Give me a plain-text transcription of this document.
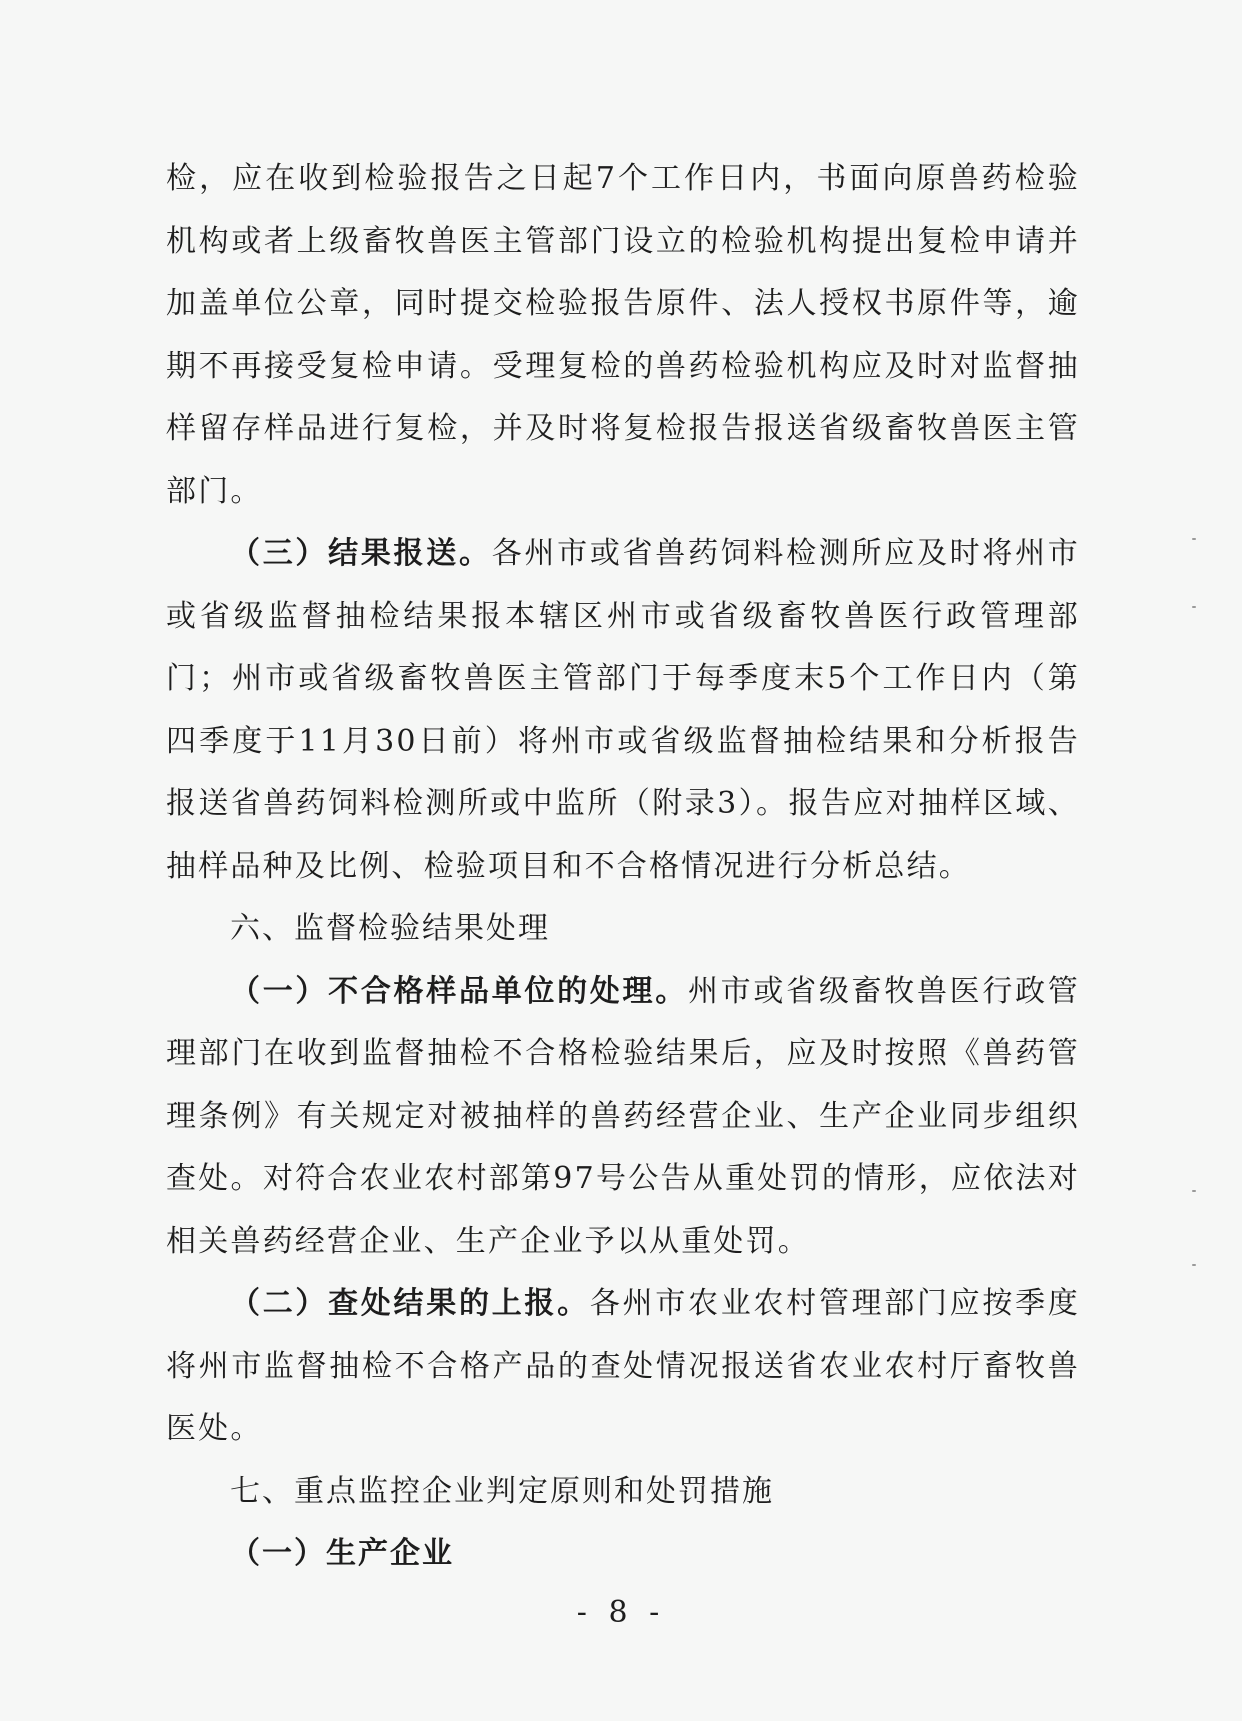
检，应在收到检验报告之日起7个工作日内，书面向原兽药检验机构或者上级畜牧兽医主管部门设立的检验机构提出复检申请并加盖单位公章，同时提交检验报告原件、法人授权书原件等，逾期不再接受复检申请。受理复检的兽药检验机构应及时对监督抽样留存样品进行复检，并及时将复检报告报送省级畜牧兽医主管部门。

（三）结果报送。各州市或省兽药饲料检测所应及时将州市或省级监督抽检结果报本辖区州市或省级畜牧兽医行政管理部门；州市或省级畜牧兽医主管部门于每季度末5个工作日内（第四季度于11月30日前）将州市或省级监督抽检结果和分析报告报送省兽药饲料检测所或中监所（附录3）。报告应对抽样区域、抽样品种及比例、检验项目和不合格情况进行分析总结。

六、监督检验结果处理

（一）不合格样品单位的处理。州市或省级畜牧兽医行政管理部门在收到监督抽检不合格检验结果后，应及时按照《兽药管理条例》有关规定对被抽样的兽药经营企业、生产企业同步组织查处。对符合农业农村部第97号公告从重处罚的情形，应依法对相关兽药经营企业、生产企业予以从重处罚。

（二）查处结果的上报。各州市农业农村管理部门应按季度将州市监督抽检不合格产品的查处情况报送省农业农村厅畜牧兽医处。

七、重点监控企业判定原则和处罚措施

（一）生产企业

- 8 -
